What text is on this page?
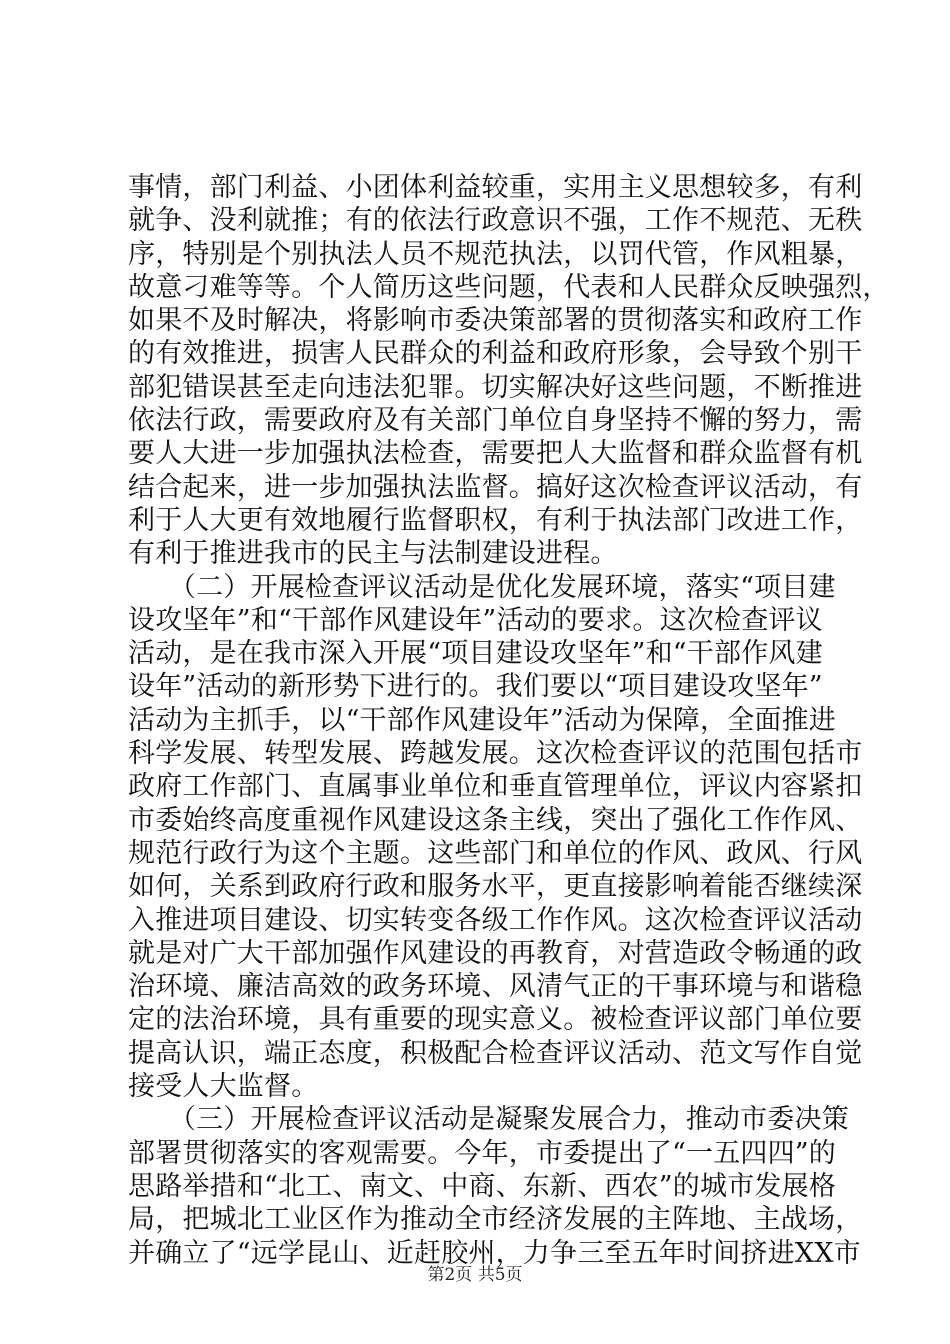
事情，部门利益、小团体利益较重，实用主义思想较多，有利
就争、没利就推；有的依法行政意识不强，工作不规范、无秩
序，特别是个别执法人员不规范执法，以罚代管，作风粗暴，
故意刁难等等。个人简历这些问题，代表和人民群众反映强烈，
如果不及时解决，将影响市委决策部署的贯彻落实和政府工作
的有效推进，损害人民群众的利益和政府形象，会导致个别干
部犯错误甚至走向违法犯罪。切实解决好这些问题，不断推进
依法行政，需要政府及有关部门单位自身坚持不懈的努力，需
要人大进一步加强执法检查，需要把人大监督和群众监督有机
结合起来，进一步加强执法监督。搞好这次检查评议活动，有
利于人大更有效地履行监督职权，有利于执法部门改进工作，
有利于推进我市的民主与法制建设进程。
　　（二）开展检查评议活动是优化发展环境，落实“项目建
设攻坚年”和“干部作风建设年”活动的要求。这次检查评议
活动，是在我市深入开展“项目建设攻坚年”和“干部作风建
设年”活动的新形势下进行的。我们要以“项目建设攻坚年”
活动为主抓手，以“干部作风建设年”活动为保障，全面推进
科学发展、转型发展、跨越发展。这次检查评议的范围包括市
政府工作部门、直属事业单位和垂直管理单位，评议内容紧扣
市委始终高度重视作风建设这条主线，突出了强化工作作风、
规范行政行为这个主题。这些部门和单位的作风、政风、行风
如何，关系到政府行政和服务水平，更直接影响着能否继续深
入推进项目建设、切实转变各级工作作风。这次检查评议活动
就是对广大干部加强作风建设的再教育，对营造政令畅通的政
治环境、廉洁高效的政务环境、风清气正的干事环境与和谐稳
定的法治环境，具有重要的现实意义。被检查评议部门单位要
提高认识，端正态度，积极配合检查评议活动、范文写作自觉
接受人大监督。
　　（三）开展检查评议活动是凝聚发展合力，推动市委决策
部署贯彻落实的客观需要。今年，市委提出了“一五四四”的
思路举措和“北工、南文、中商、东新、西农”的城市发展格
局，把城北工业区作为推动全市经济发展的主阵地、主战场，
并确立了“远学昆山、近赶胶州，力争三至五年时间挤进XX市
第2页 共5页
